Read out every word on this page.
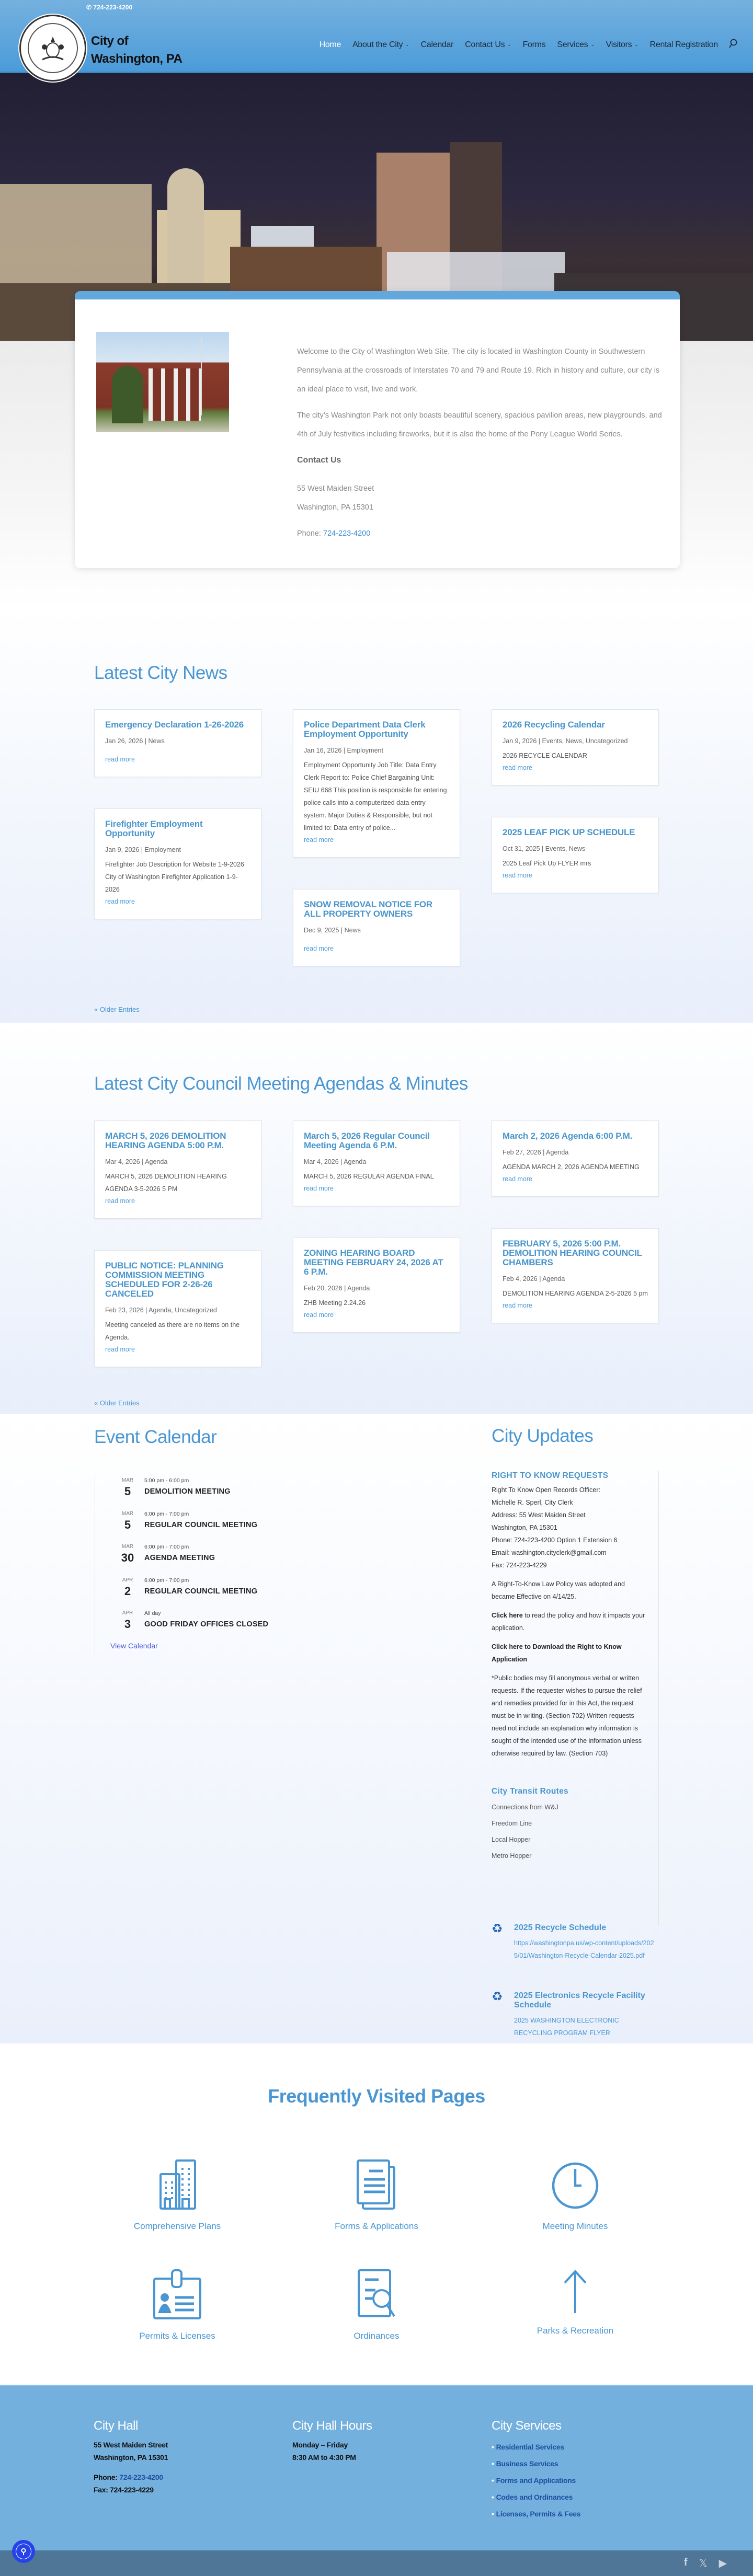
✆ 724-223-4200
City of
Washington, PA
Home About the City ⌄ Calendar Contact Us ⌄ Forms Services ⌄ Visitors ⌄ Rental Registration

Welcome to the City of Washington Web Site. The city is located in Washington County in Southwestern Pennsylvania at the crossroads of Interstates 70 and 79 and Route 19. Rich in history and culture, our city is an ideal place to visit, live and work.

The city’s Washington Park not only boasts beautiful scenery, spacious pavilion areas, new playgrounds, and 4th of July festivities including fireworks, but it is also the home of the Pony League World Series.

Contact Us
55 West Maiden Street
Washington, PA 15301
Phone: 724-223-4200
Latest City News
Emergency Declaration 1-26-2026
Jan 26, 2026 | News
read more
Firefighter Employment Opportunity
Jan 9, 2026 | Employment
Firefighter Job Description for Website 1-9-2026 City of Washington Firefighter Application 1-9-2026
read more
Police Department Data Clerk Employment Opportunity
Jan 16, 2026 | Employment
Employment Opportunity Job Title: Data Entry Clerk Report to: Police Chief Bargaining Unit: SEIU 668 This position is responsible for entering police calls into a computerized data entry system. Major Duties & Responsible, but not limited to: Data entry of police...
read more
SNOW REMOVAL NOTICE FOR ALL PROPERTY OWNERS
Dec 9, 2025 | News
read more
2026 Recycling Calendar
Jan 9, 2026 | Events, News, Uncategorized
2026 RECYCLE CALENDAR
read more
2025 LEAF PICK UP SCHEDULE
Oct 31, 2025 | Events, News
2025 Leaf Pick Up FLYER mrs
read more
« Older Entries
Latest City Council Meeting Agendas & Minutes
MARCH 5, 2026 DEMOLITION HEARING AGENDA 5:00 P.M.
Mar 4, 2026 | Agenda
MARCH 5, 2026 DEMOLITION HEARING AGENDA 3-5-2026 5 PM
read more
PUBLIC NOTICE: PLANNING COMMISSION MEETING SCHEDULED FOR 2-26-26 CANCELED
Feb 23, 2026 | Agenda, Uncategorized
Meeting canceled as there are no items on the Agenda.
read more
March 5, 2026 Regular Council Meeting Agenda 6 P.M.
Mar 4, 2026 | Agenda
MARCH 5, 2026 REGULAR AGENDA FINAL
read more
ZONING HEARING BOARD MEETING FEBRUARY 24, 2026 AT 6 P.M.
Feb 20, 2026 | Agenda
ZHB Meeting 2.24.26
read more
March 2, 2026 Agenda 6:00 P.M.
Feb 27, 2026 | Agenda
AGENDA MARCH 2, 2026 AGENDA MEETING
read more
FEBRUARY 5, 2026 5:00 P.M. DEMOLITION HEARING COUNCIL CHAMBERS
Feb 4, 2026 | Agenda
DEMOLITION HEARING AGENDA 2-5-2026 5 pm
read more
« Older Entries
Event Calendar
MAR
5
5:00 pm - 6:00 pm
DEMOLITION MEETING
MAR
5
6:00 pm - 7:00 pm
REGULAR COUNCIL MEETING
MAR
30
6:00 pm - 7:00 pm
AGENDA MEETING
APR
2
6:00 pm - 7:00 pm
REGULAR COUNCIL MEETING
APR
3
All day
GOOD FRIDAY OFFICES CLOSED
View Calendar
City Updates
RIGHT TO KNOW REQUESTS
Right To Know Open Records Officer:
Michelle R. Sperl, City Clerk
Address: 55 West Maiden Street
Washington, PA 15301
Phone: 724-223-4200 Option 1 Extension 6
Email: washington.cityclerk@gmail.com
Fax: 724-223-4229

A Right-To-Know Law Policy was adopted and became Effective on 4/14/25.

Click here to read the policy and how it impacts your application.

Click here to Download the Right to Know Application

*Public bodies may fill anonymous verbal or written requests. If the requester wishes to pursue the relief and remedies provided for in this Act, the request must be in writing. (Section 702) Written requests need not include an explanation why information is sought of the intended use of the information unless otherwise required by law. (Section 703)

City Transit Routes
Connections from W&J
Freedom Line
Local Hopper
Metro Hopper
♻ 2025 Recycle Schedule
https://washingtonpa.us/wp-content/uploads/2025/01/Washington-Recycle-Calendar-2025.pdf
♻ 2025 Electronics Recycle Facility Schedule
2025 WASHINGTON ELECTRONIC RECYCLING PROGRAM FLYER
Frequently Visited Pages
Comprehensive Plans	Forms & Applications	Meeting Minutes
Permits & Licenses	Ordinances
Parks & Recreation
City Hall
55 West Maiden Street
Washington, PA 15301
Phone: 724-223-4200
Fax: 724-223-4229
City Hall Hours
Monday – Friday
8:30 AM to 4:30 PM
City Services
• Residential Services
• Business Services
• Forms and Applications
• Codes and Ordinances
• Licenses, Permits & Fees
f 𝕏 ▶
⚲
